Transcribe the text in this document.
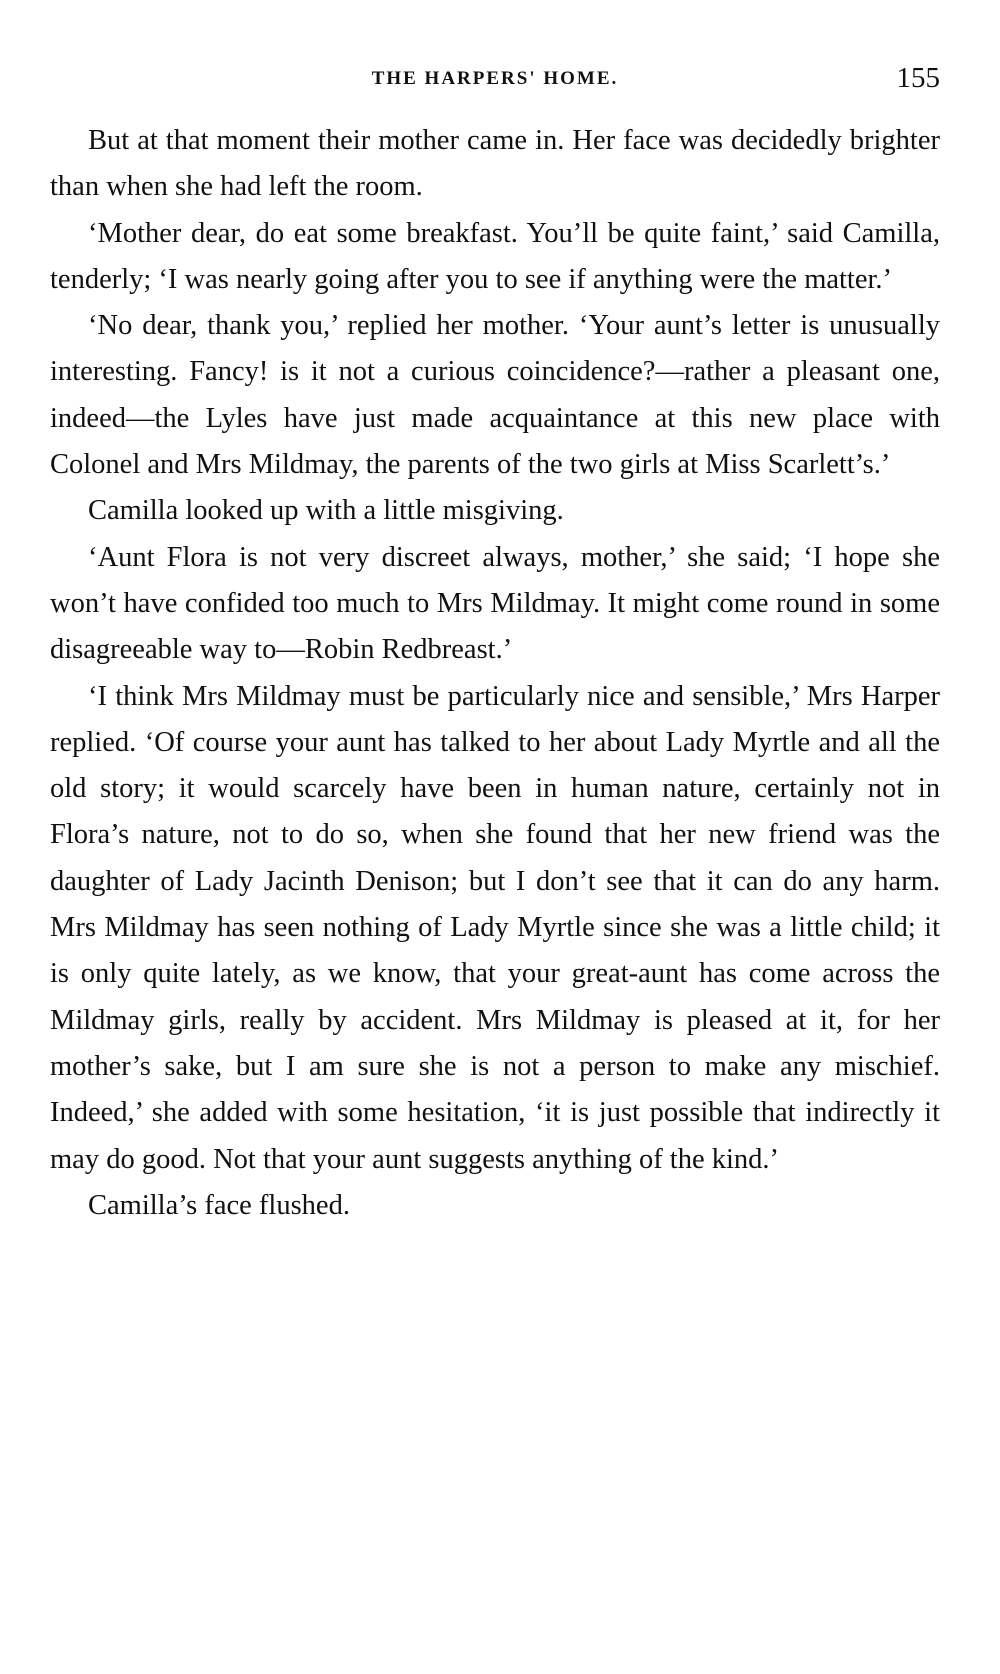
THE HARPERS' HOME.	155

But at that moment their mother came in. Her face was decidedly brighter than when she had left the room.

‘Mother dear, do eat some breakfast. You’ll be quite faint,’ said Camilla, tenderly; ‘I was nearly going after you to see if anything were the matter.’

‘No dear, thank you,’ replied her mother. ‘Your aunt’s letter is unusually interesting. Fancy! is it not a curious coincidence?—rather a pleasant one, indeed—the Lyles have just made acquaintance at this new place with Colonel and Mrs Mildmay, the parents of the two girls at Miss Scarlett’s.’

Camilla looked up with a little misgiving.

‘Aunt Flora is not very discreet always, mother,’ she said; ‘I hope she won’t have confided too much to Mrs Mildmay. It might come round in some disagreeable way to—Robin Redbreast.’

‘I think Mrs Mildmay must be particularly nice and sensible,’ Mrs Harper replied. ‘Of course your aunt has talked to her about Lady Myrtle and all the old story; it would scarcely have been in human nature, certainly not in Flora’s nature, not to do so, when she found that her new friend was the daughter of Lady Jacinth Denison; but I don’t see that it can do any harm. Mrs Mildmay has seen nothing of Lady Myrtle since she was a little child; it is only quite lately, as we know, that your great-aunt has come across the Mildmay girls, really by accident. Mrs Mildmay is pleased at it, for her mother’s sake, but I am sure she is not a person to make any mischief. Indeed,’ she added with some hesitation, ‘it is just possible that indirectly it may do good. Not that your aunt suggests anything of the kind.’

Camilla’s face flushed.
